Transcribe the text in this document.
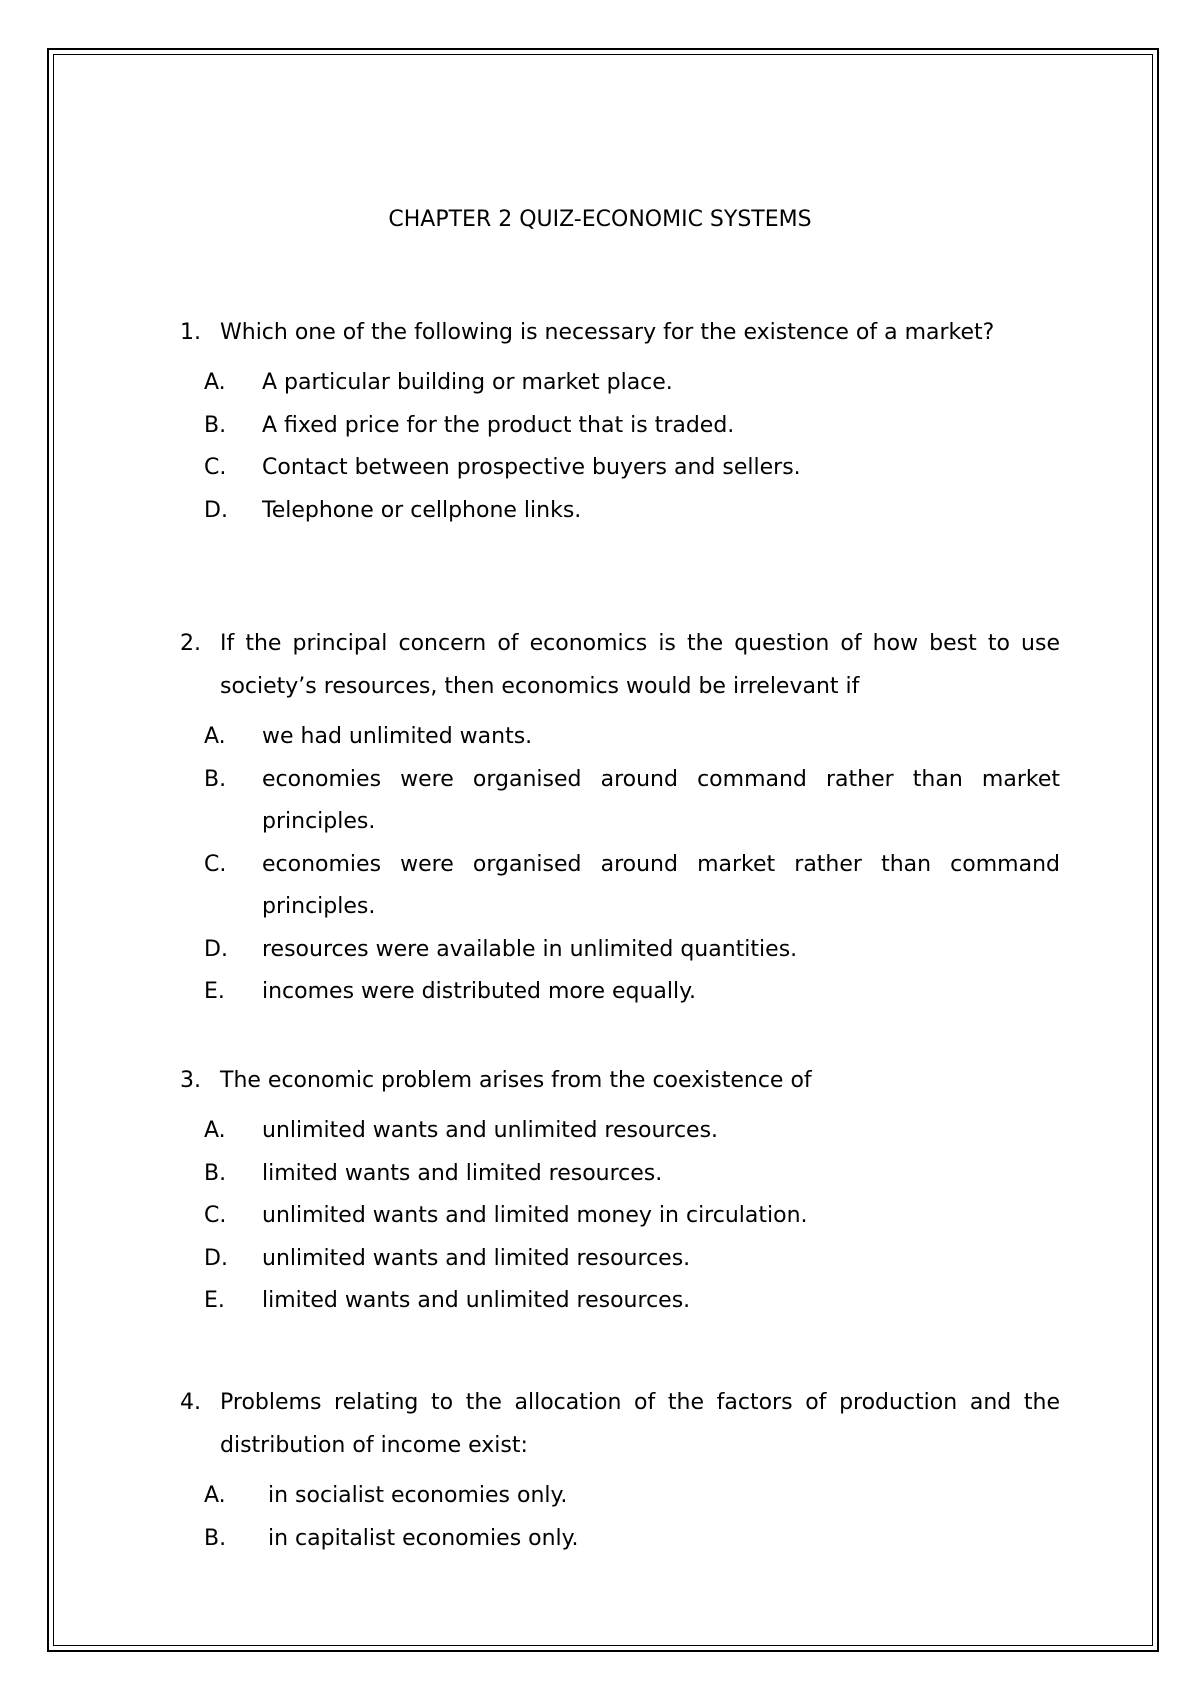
CHAPTER 2 QUIZ-ECONOMIC SYSTEMS
1. Which one of the following is necessary for the existence of a market?
A. A particular building or market place.
B. A fixed price for the product that is traded.
C. Contact between prospective buyers and sellers.
D. Telephone or cellphone links.
2. If the principal concern of economics is the question of how best to use society’s resources, then economics would be irrelevant if
A. we had unlimited wants.
B. economies were organised around command rather than market principles.
C. economies were organised around market rather than command principles.
D. resources were available in unlimited quantities.
E. incomes were distributed more equally.
3. The economic problem arises from the coexistence of
A. unlimited wants and unlimited resources.
B. limited wants and limited resources.
C. unlimited wants and limited money in circulation.
D. unlimited wants and limited resources.
E. limited wants and unlimited resources.
4. Problems relating to the allocation of the factors of production and the distribution of income exist:
A. in socialist economies only.
B. in capitalist economies only.
